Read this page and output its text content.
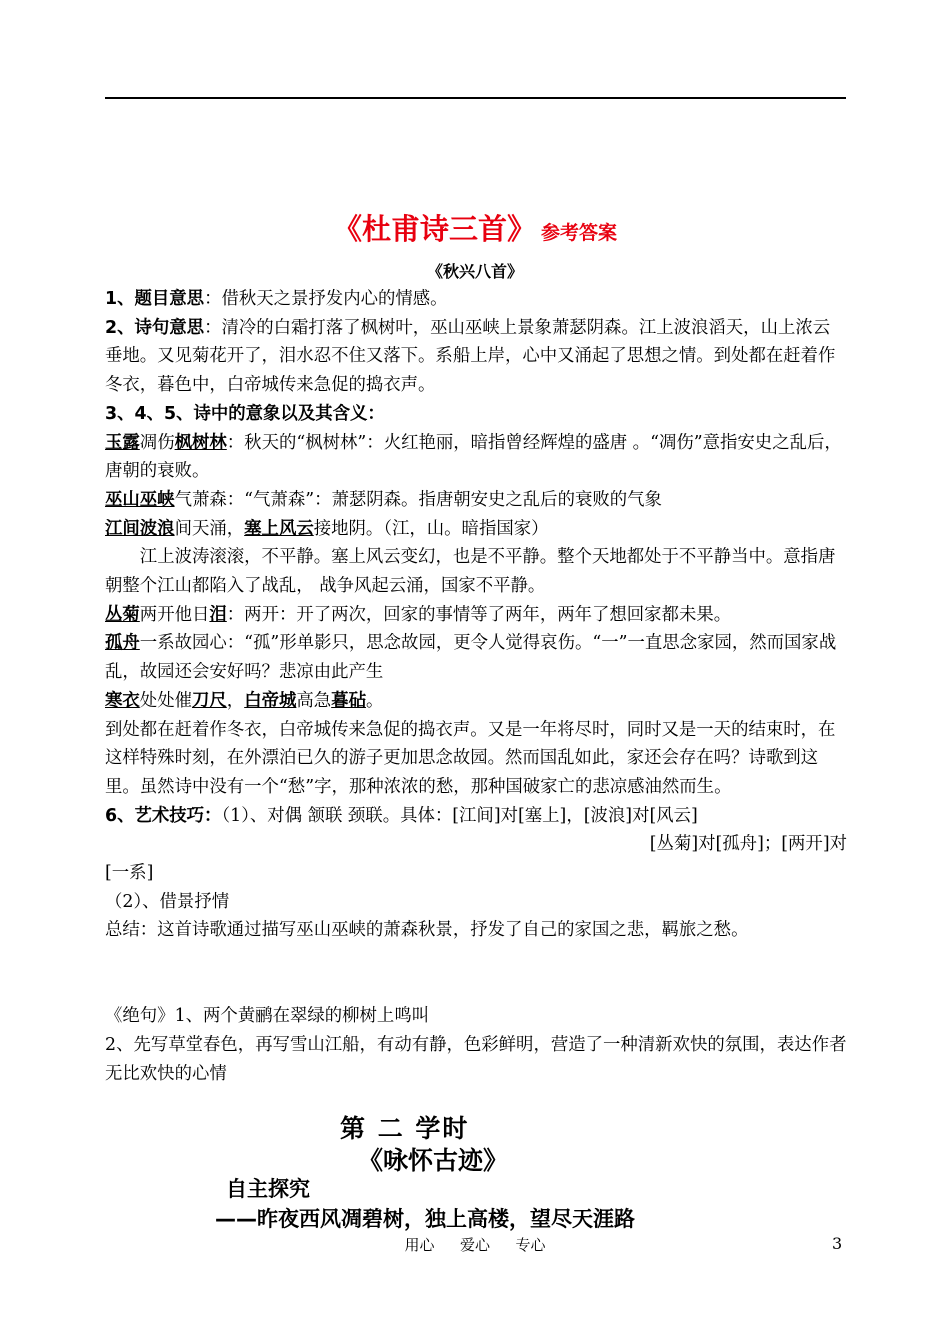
《杜甫诗三首》 参考答案
《秋兴八首》

1、题目意思：借秋天之景抒发内心的情感。

2、诗句意思：清冷的白霜打落了枫树叶，巫山巫峡上景象萧瑟阴森。江上波浪滔天，山上浓云垂地。又见菊花开了，泪水忍不住又落下。系船上岸，心中又涌起了思想之情。到处都在赶着作冬衣，暮色中，白帝城传来急促的捣衣声。

3、4、5、诗中的意象以及其含义：

玉露凋伤枫树林：秋天的“枫树林”：火红艳丽，暗指曾经辉煌的盛唐 。“凋伤”意指安史之乱后，唐朝的衰败。

巫山巫峡气萧森：“气萧森”：萧瑟阴森。指唐朝安史之乱后的衰败的气象

江间波浪间天涌，塞上风云接地阴。（江，山。暗指国家）

江上波涛滚滚，不平静。塞上风云变幻，也是不平静。整个天地都处于不平静当中。意指唐朝整个江山都陷入了战乱， 战争风起云涌，国家不平静。

丛菊两开他日泪：两开：开了两次，回家的事情等了两年，两年了想回家都未果。

孤舟一系故园心：“孤”形单影只，思念故园，更令人觉得哀伤。“一”一直思念家园，然而国家战乱，故园还会安好吗？悲凉由此产生

寒衣处处催刀尺，白帝城高急暮砧。

到处都在赶着作冬衣，白帝城传来急促的捣衣声。又是一年将尽时，同时又是一天的结束时，在这样特殊时刻，在外漂泊已久的游子更加思念故园。然而国乱如此，家还会存在吗？诗歌到这里。虽然诗中没有一个“愁”字，那种浓浓的愁，那种国破家亡的悲凉感油然而生。

6、艺术技巧：（1）、对偶 颔联 颈联。具体：[江间]对[塞上]，[波浪]对[风云]

[丛菊]对[孤舟]；[两开]对

[一系]

（2）、借景抒情

总结：这首诗歌通过描写巫山巫峡的萧森秋景，抒发了自己的家国之悲，羁旅之愁。

《绝句》1、两个黄鹂在翠绿的柳树上鸣叫

2、先写草堂春色，再写雪山江船，有动有静，色彩鲜明，营造了一种清新欢快的氛围，表达作者无比欢快的心情

第 二 学时
《咏怀古迹》
自主探究
——昨夜西风凋碧树，独上高楼，望尽天涯路
用心  爱心  专心	3
